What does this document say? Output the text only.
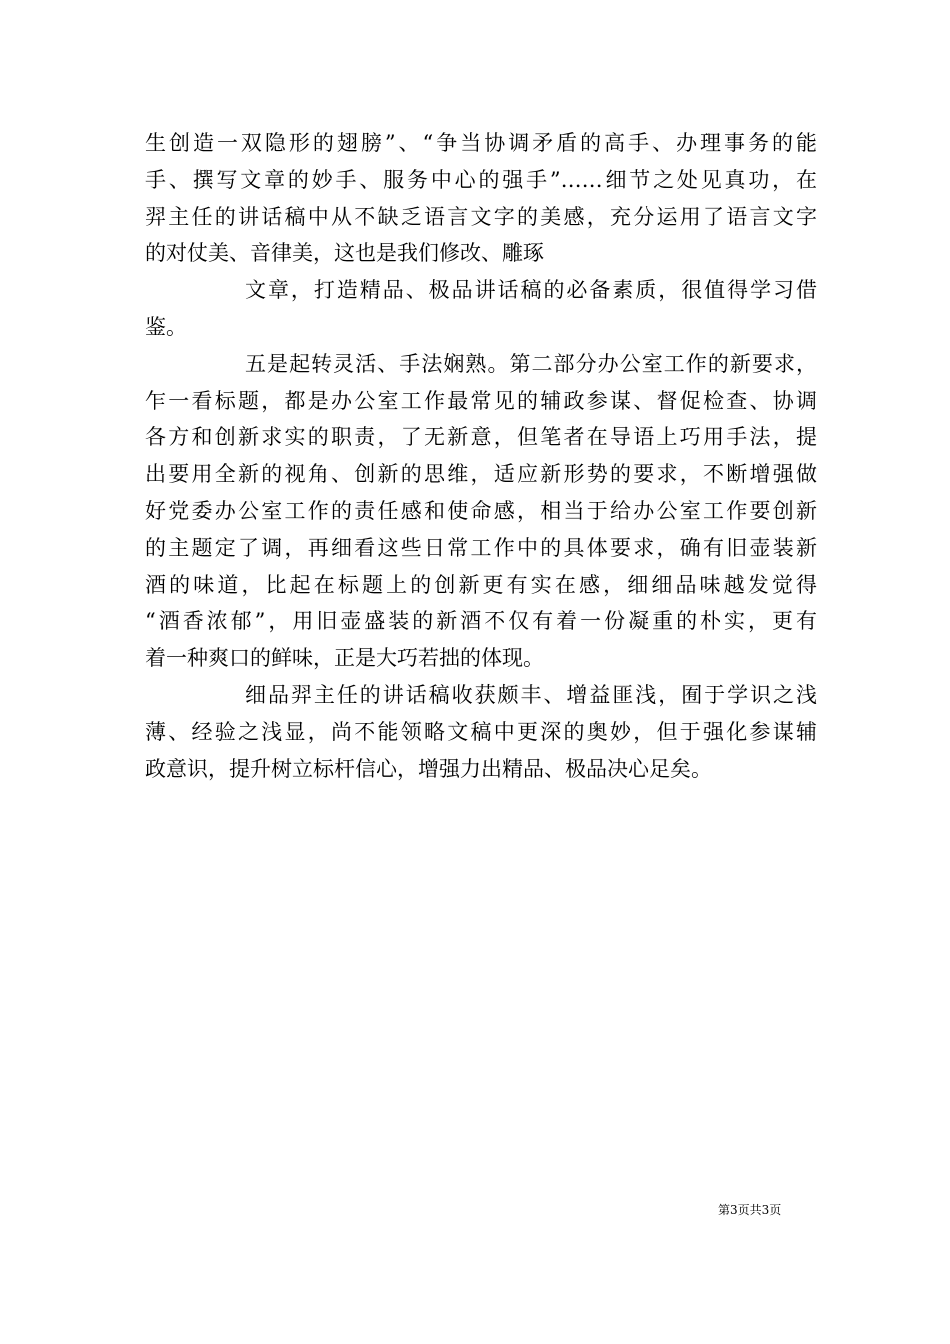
生创造一双隐形的翅膀”、“争当协调矛盾的高手、办理事务的能
手、撰写文章的妙手、服务中心的强手”……细节之处见真功，在
羿主任的讲话稿中从不缺乏语言文字的美感，充分运用了语言文字
的对仗美、音律美，这也是我们修改、雕琢
文章，打造精品、极品讲话稿的必备素质，很值得学习借
鉴。
五是起转灵活、手法娴熟。第二部分办公室工作的新要求，
乍一看标题，都是办公室工作最常见的辅政参谋、督促检查、协调
各方和创新求实的职责，了无新意，但笔者在导语上巧用手法，提
出要用全新的视角、创新的思维，适应新形势的要求，不断增强做
好党委办公室工作的责任感和使命感，相当于给办公室工作要创新
的主题定了调，再细看这些日常工作中的具体要求，确有旧壶装新
酒的味道，比起在标题上的创新更有实在感，细细品味越发觉得
“酒香浓郁”，用旧壶盛装的新酒不仅有着一份凝重的朴实，更有
着一种爽口的鲜味，正是大巧若拙的体现。
细品羿主任的讲话稿收获颇丰、增益匪浅，囿于学识之浅
薄、经验之浅显，尚不能领略文稿中更深的奥妙，但于强化参谋辅
政意识，提升树立标杆信心，增强力出精品、极品决心足矣。
第3页共3页
